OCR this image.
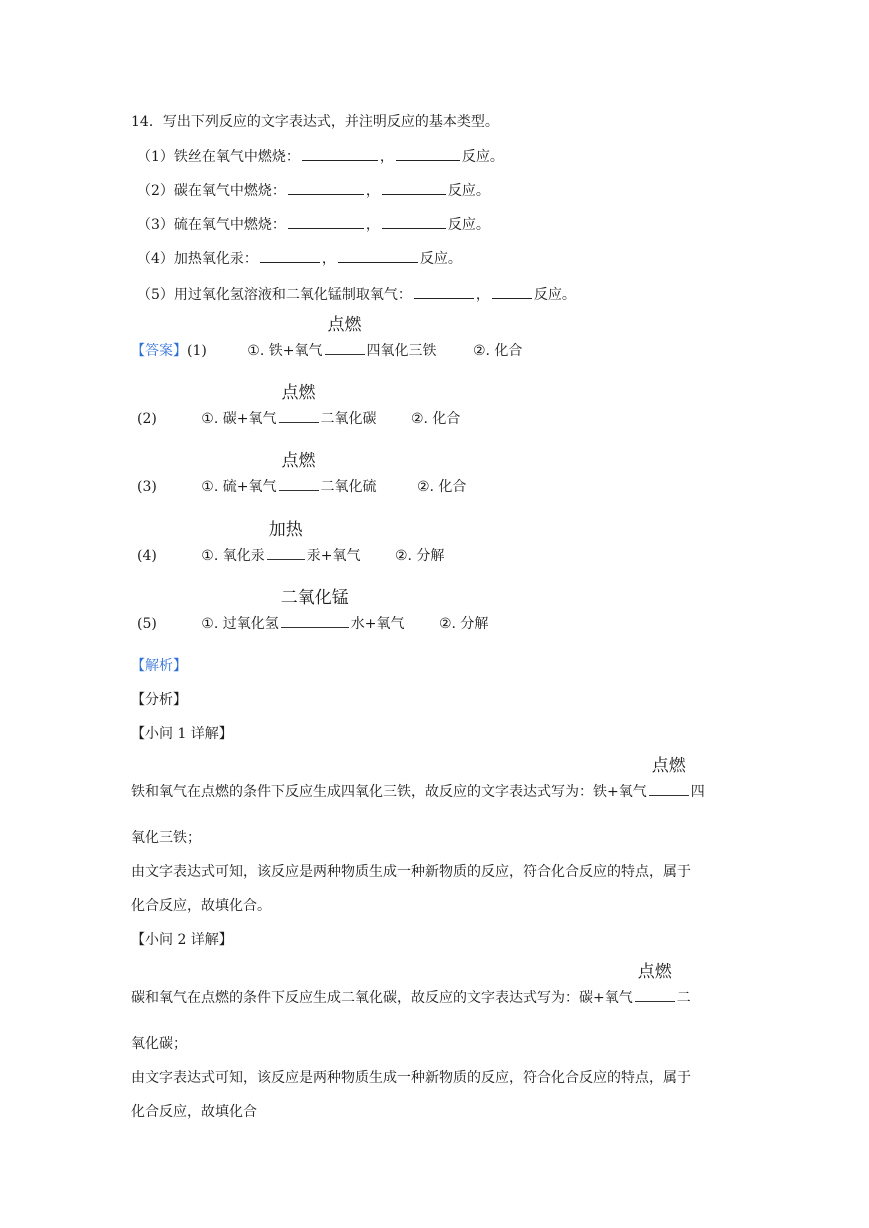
14．写出下列反应的文字表达式，并注明反应的基本类型。
（1）铁丝在氧气中燃烧：	，	反应。
（2）碳在氧气中燃烧：	，	反应。
（3）硫在氧气中燃烧：	，	反应。
（4）加热氧化汞：	，	反应。
（5）用过氧化氢溶液和二氧化锰制取氧气：	，	反应。
【答案】(1)	①. 铁+氧气
点燃
四氧化三铁	②. 化合
(2)	①. 碳+氧气
点燃
二氧化碳 ②. 化合
(3)	①. 硫+氧气
点燃
二氧化硫	②. 化合
(4)	①. 氧化汞
加热
汞+氧气 ②. 分解
(5)	①. 过氧化氢
二氧化锰
水+氧气 ②. 分解
【解析】
【分析】
【小问 1 详解】
铁和氧气在点燃的条件下反应生成四氧化三铁，故反应的文字表达式写为：铁+氧气
点燃
四
氧化三铁；
由文字表达式可知，该反应是两种物质生成一种新物质的反应，符合化合反应的特点，属于
化合反应，故填化合。
【小问 2 详解】
碳和氧气在点燃的条件下反应生成二氧化碳，故反应的文字表达式写为：碳+氧气
点燃
二
氧化碳；
由文字表达式可知，该反应是两种物质生成一种新物质的反应，符合化合反应的特点，属于
化合反应，故填化合
